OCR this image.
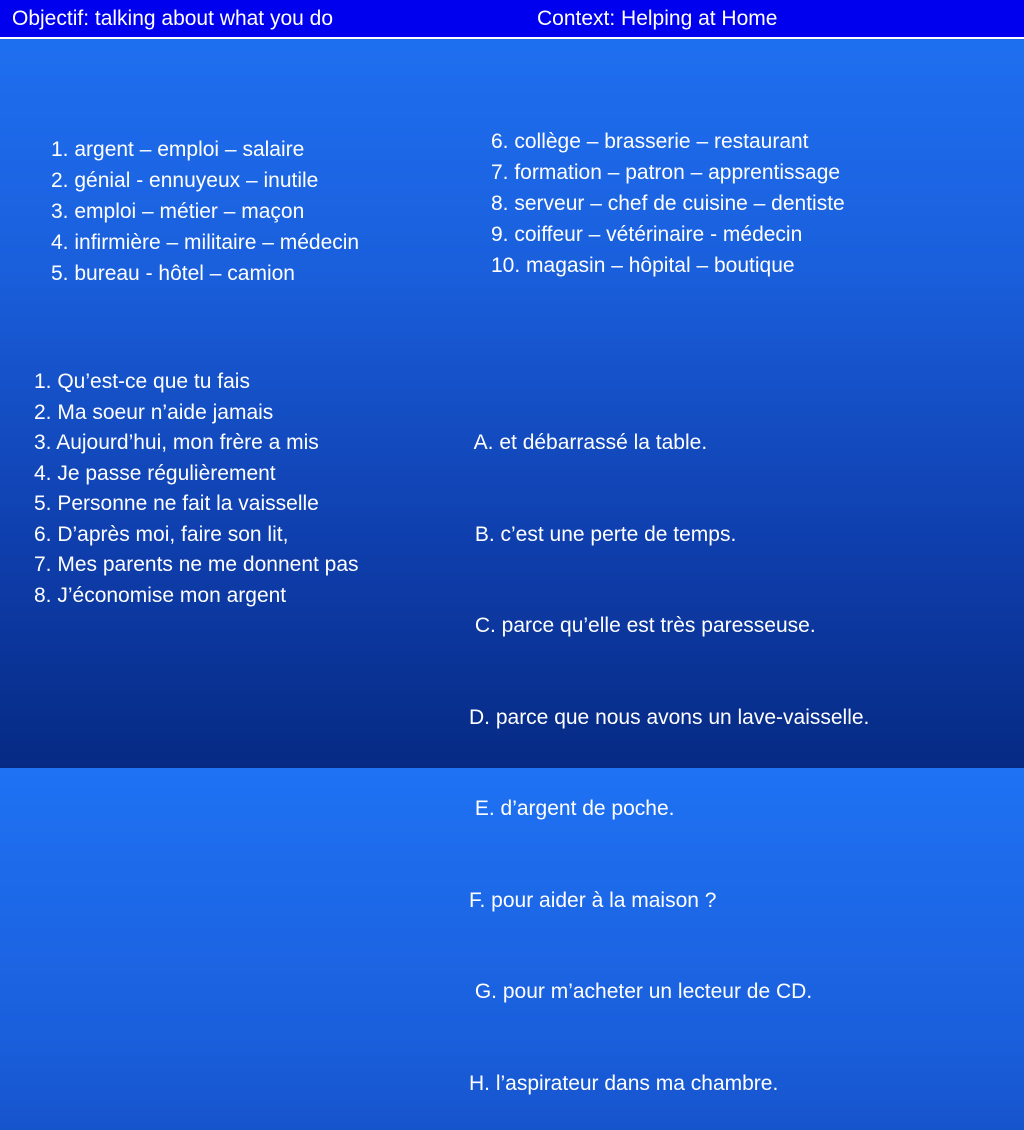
Objectif: talking about what you do	Context: Helping at Home
1. argent – emploi – salaire
2. génial - ennuyeux – inutile
3. emploi – métier – maçon
4. infirmière – militaire – médecin
5. bureau - hôtel – camion
6. collège – brasserie – restaurant
7. formation – patron – apprentissage
8. serveur – chef de cuisine – dentiste
9. coiffeur – vétérinaire - médecin
10. magasin – hôpital – boutique
1. Qu’est-ce que tu fais
2. Ma soeur n’aide jamais
3. Aujourd’hui, mon frère a mis
4. Je passe régulièrement
5. Personne ne fait la vaisselle
6. D’après moi, faire son lit,
7. Mes parents ne me donnent pas
8. J’économise mon argent

A. et débarrassé la table.

B. c’est une perte de temps.

C. parce qu’elle est très paresseuse.

D. parce que nous avons un lave-vaisselle.

E. d’argent de poche.

F. pour aider à la maison ?

G. pour m’acheter un lecteur de CD.

H. l’aspirateur dans ma chambre.
